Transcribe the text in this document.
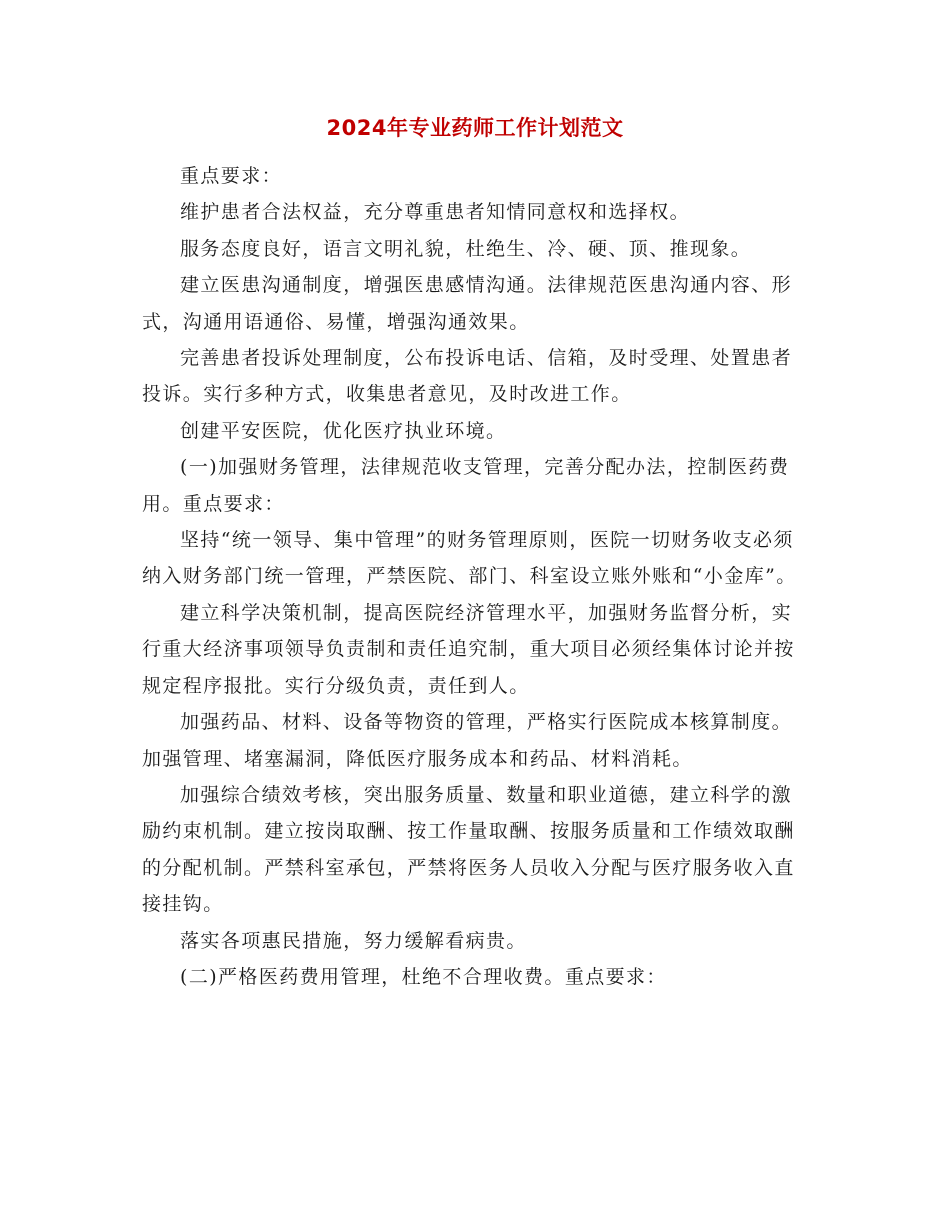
2024年专业药师工作计划范文

重点要求：

维护患者合法权益，充分尊重患者知情同意权和选择权。

服务态度良好，语言文明礼貌，杜绝生、冷、硬、顶、推现象。

建立医患沟通制度，增强医患感情沟通。法律规范医患沟通内容、形式，沟通用语通俗、易懂，增强沟通效果。

完善患者投诉处理制度，公布投诉电话、信箱，及时受理、处置患者投诉。实行多种方式，收集患者意见，及时改进工作。

创建平安医院，优化医疗执业环境。

(一)加强财务管理，法律规范收支管理，完善分配办法，控制医药费用。重点要求：

坚持“统一领导、集中管理”的财务管理原则，医院一切财务收支必须纳入财务部门统一管理，严禁医院、部门、科室设立账外账和“小金库”。

建立科学决策机制，提高医院经济管理水平，加强财务监督分析，实行重大经济事项领导负责制和责任追究制，重大项目必须经集体讨论并按规定程序报批。实行分级负责，责任到人。

加强药品、材料、设备等物资的管理，严格实行医院成本核算制度。加强管理、堵塞漏洞，降低医疗服务成本和药品、材料消耗。

加强综合绩效考核，突出服务质量、数量和职业道德，建立科学的激励约束机制。建立按岗取酬、按工作量取酬、按服务质量和工作绩效取酬的分配机制。严禁科室承包，严禁将医务人员收入分配与医疗服务收入直接挂钩。

落实各项惠民措施，努力缓解看病贵。

(二)严格医药费用管理，杜绝不合理收费。重点要求：
